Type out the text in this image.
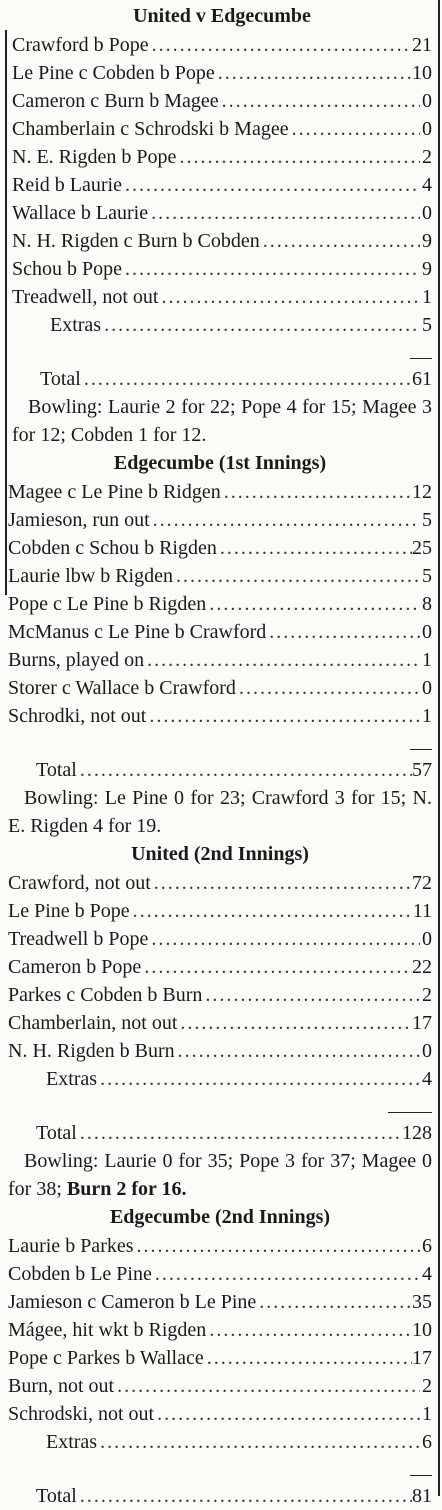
United v Edgecumbe
Crawford b Pope .....	21
Le Pine c Cobden b Pope .....	10
Cameron c Burn b Magee .....	0
Chamberlain c Schrodski b Magee .....	0
N. E. Rigden b Pope .....	2
Reid b Laurie .....	4
Wallace b Laurie .....	0
N. H. Rigden c Burn b Cobden .....	9
Schou b Pope .....	9
Treadwell, not out .....	1
Extras .....	5
Total .....	61

Bowling: Laurie 2 for 22; Pope 4 for 15; Magee 3 for 12; Cobden 1 for 12.

Edgecumbe (1st Innings)
Magee c Le Pine b Ridgen .....	12
Jamieson, run out .....	5
Cobden c Schou b Rigden .....	25
Laurie lbw b Rigden .....	5
Pope c Le Pine b Rigden .....	8
McManus c Le Pine b Crawford .....	0
Burns, played on .....	1
Storer c Wallace b Crawford .....	0
Schrodki, not out .....	1
Total .....	57

Bowling: Le Pine 0 for 23; Crawford 3 for 15; N. E. Rigden 4 for 19.

United (2nd Innings)
Crawford, not out .....	72
Le Pine b Pope .....	11
Treadwell b Pope .....	0
Cameron b Pope .....	22
Parkes c Cobden b Burn .....	2
Chamberlain, not out .....	17
N. H. Rigden b Burn .....	0
Extras .....	4
Total .....	128

Bowling: Laurie 0 for 35; Pope 3 for 37; Magee 0 for 38; Burn 2 for 16.

Edgecumbe (2nd Innings)
Laurie b Parkes .....	6
Cobden b Le Pine .....	4
Jamieson c Cameron b Le Pine .....	35
Mágee, hit wkt b Rigden .....	10
Pope c Parkes b Wallace .....	17
Burn, not out .....	2
Schrodski, not out .....	1
Extras .....	6
Total .....	81
